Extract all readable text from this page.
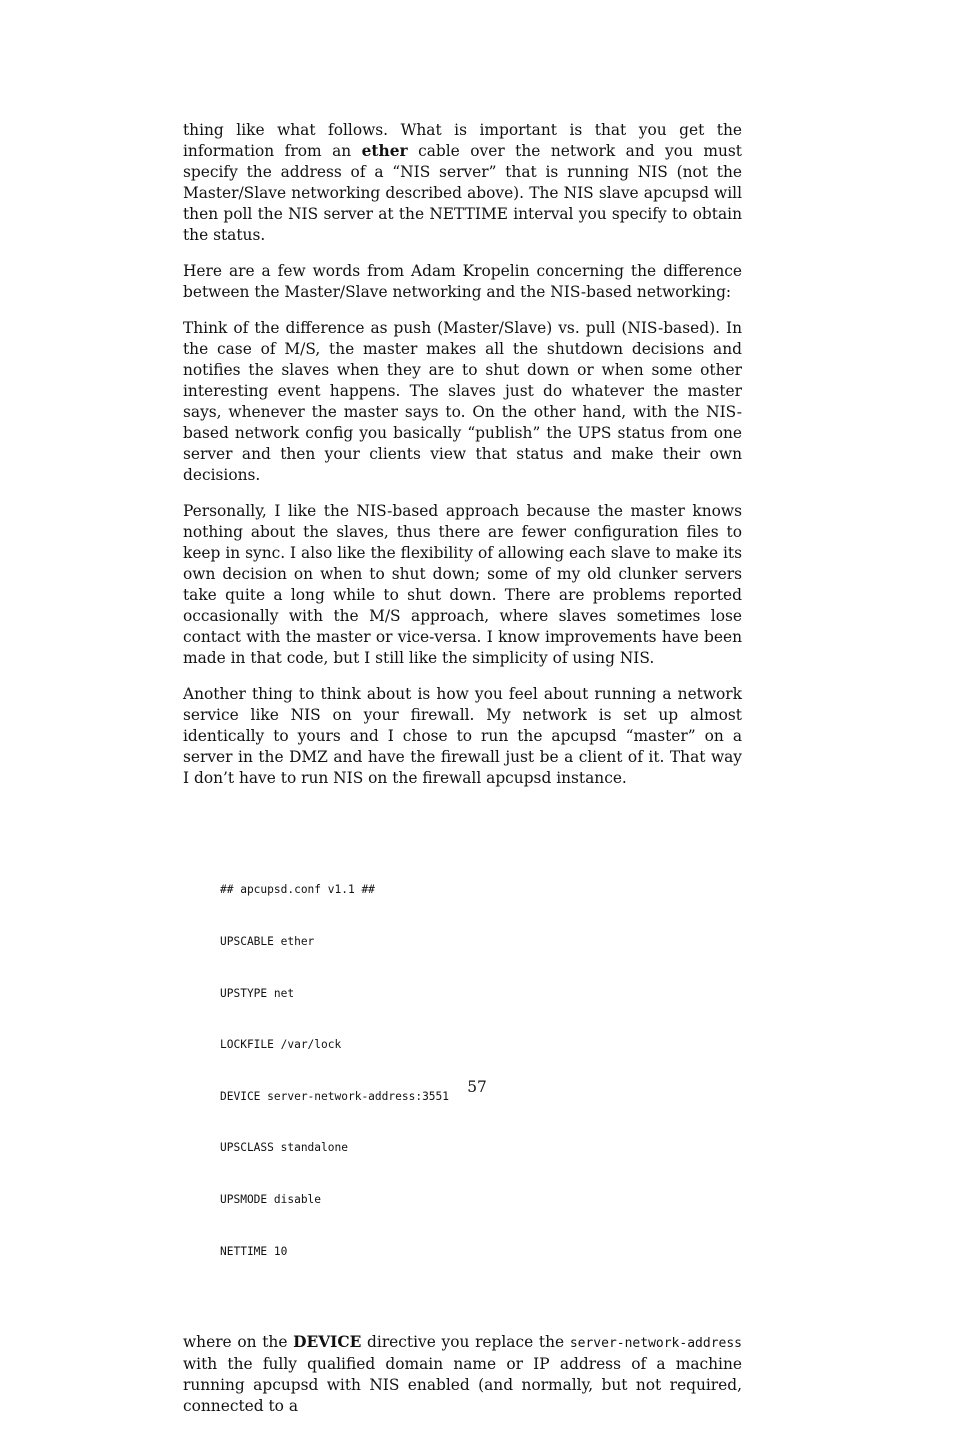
thing like what follows. What is important is that you get the information from an ether cable over the network and you must specify the address of a “NIS server” that is running NIS (not the Master/Slave networking described above). The NIS slave apcupsd will then poll the NIS server at the NETTIME interval you specify to obtain the status.

Here are a few words from Adam Kropelin concerning the difference between the Master/Slave networking and the NIS-based networking:

Think of the difference as push (Master/Slave) vs. pull (NIS-based). In the case of M/S, the master makes all the shutdown decisions and notifies the slaves when they are to shut down or when some other interesting event happens. The slaves just do whatever the master says, whenever the master says to. On the other hand, with the NIS-based network config you basically “publish” the UPS status from one server and then your clients view that status and make their own decisions.

Personally, I like the NIS-based approach because the master knows nothing about the slaves, thus there are fewer configuration files to keep in sync. I also like the flexibility of allowing each slave to make its own decision on when to shut down; some of my old clunker servers take quite a long while to shut down. There are problems reported occasionally with the M/S approach, where slaves sometimes lose contact with the master or vice-versa. I know improvements have been made in that code, but I still like the simplicity of using NIS.

Another thing to think about is how you feel about running a network service like NIS on your firewall. My network is set up almost identically to yours and I chose to run the apcupsd “master” on a server in the DMZ and have the firewall just be a client of it. That way I don’t have to run NIS on the firewall apcupsd instance.

## apcupsd.conf v1.1 ##

UPSCABLE ether

UPSTYPE net

LOCKFILE /var/lock

DEVICE server-network-address:3551

UPSCLASS standalone

UPSMODE disable

NETTIME 10

where on the DEVICE directive you replace the server-network-address with the fully qualified domain name or IP address of a machine running apcupsd with NIS enabled (and normally, but not required, connected to a

57
